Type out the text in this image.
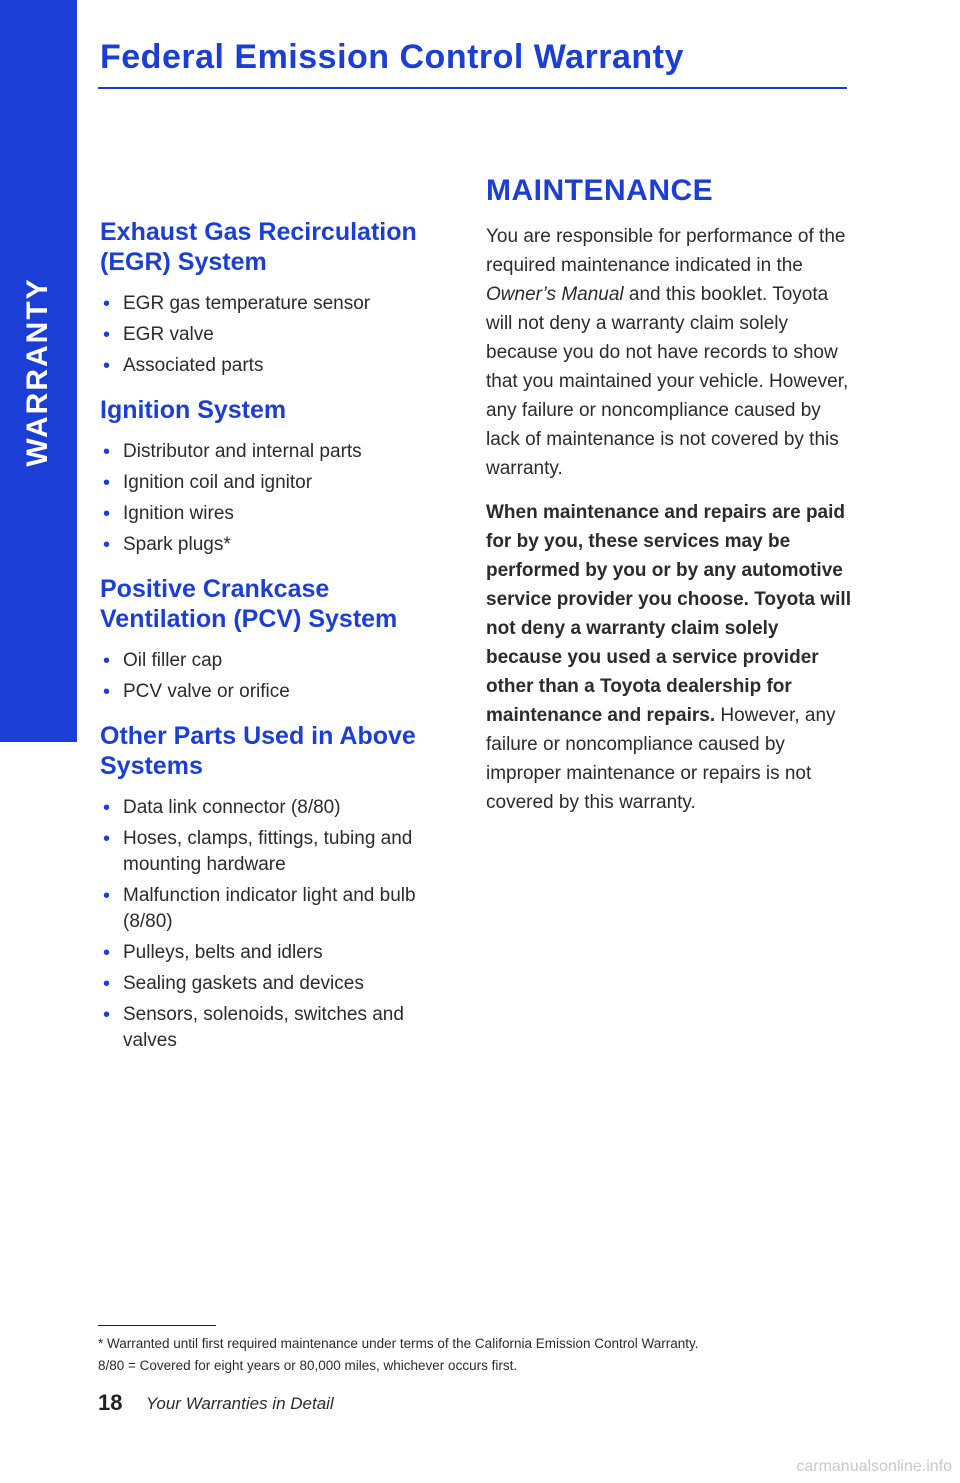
WARRANTY
Federal Emission Control Warranty
Exhaust Gas Recirculation (EGR) System
• EGR gas temperature sensor
• EGR valve
• Associated parts
Ignition System
• Distributor and internal parts
• Ignition coil and ignitor
• Ignition wires
• Spark plugs*
Positive Crankcase Ventilation (PCV) System
• Oil filler cap
• PCV valve or orifice
Other Parts Used in Above Systems
• Data link connector (8/80)
• Hoses, clamps, fittings, tubing and mounting hardware
• Malfunction indicator light and bulb (8/80)
• Pulleys, belts and idlers
• Sealing gaskets and devices
• Sensors, solenoids, switches and valves
MAINTENANCE

You are responsible for performance of the required maintenance indicated in the Owner’s Manual and this booklet. Toyota will not deny a warranty claim solely because you do not have records to show that you maintained your vehicle. However, any failure or noncompliance caused by lack of maintenance is not covered by this warranty.

When maintenance and repairs are paid for by you, these services may be performed by you or by any automotive service provider you choose. Toyota will not deny a warranty claim solely because you used a service provider other than a Toyota dealership for maintenance and repairs. However, any failure or noncompliance caused by improper maintenance or repairs is not covered by this warranty.

* Warranted until first required maintenance under terms of the California Emission Control Warranty.

8/80 = Covered for eight years or 80,000 miles, whichever occurs first.

18 Your Warranties in Detail
carmanualsonline.info
